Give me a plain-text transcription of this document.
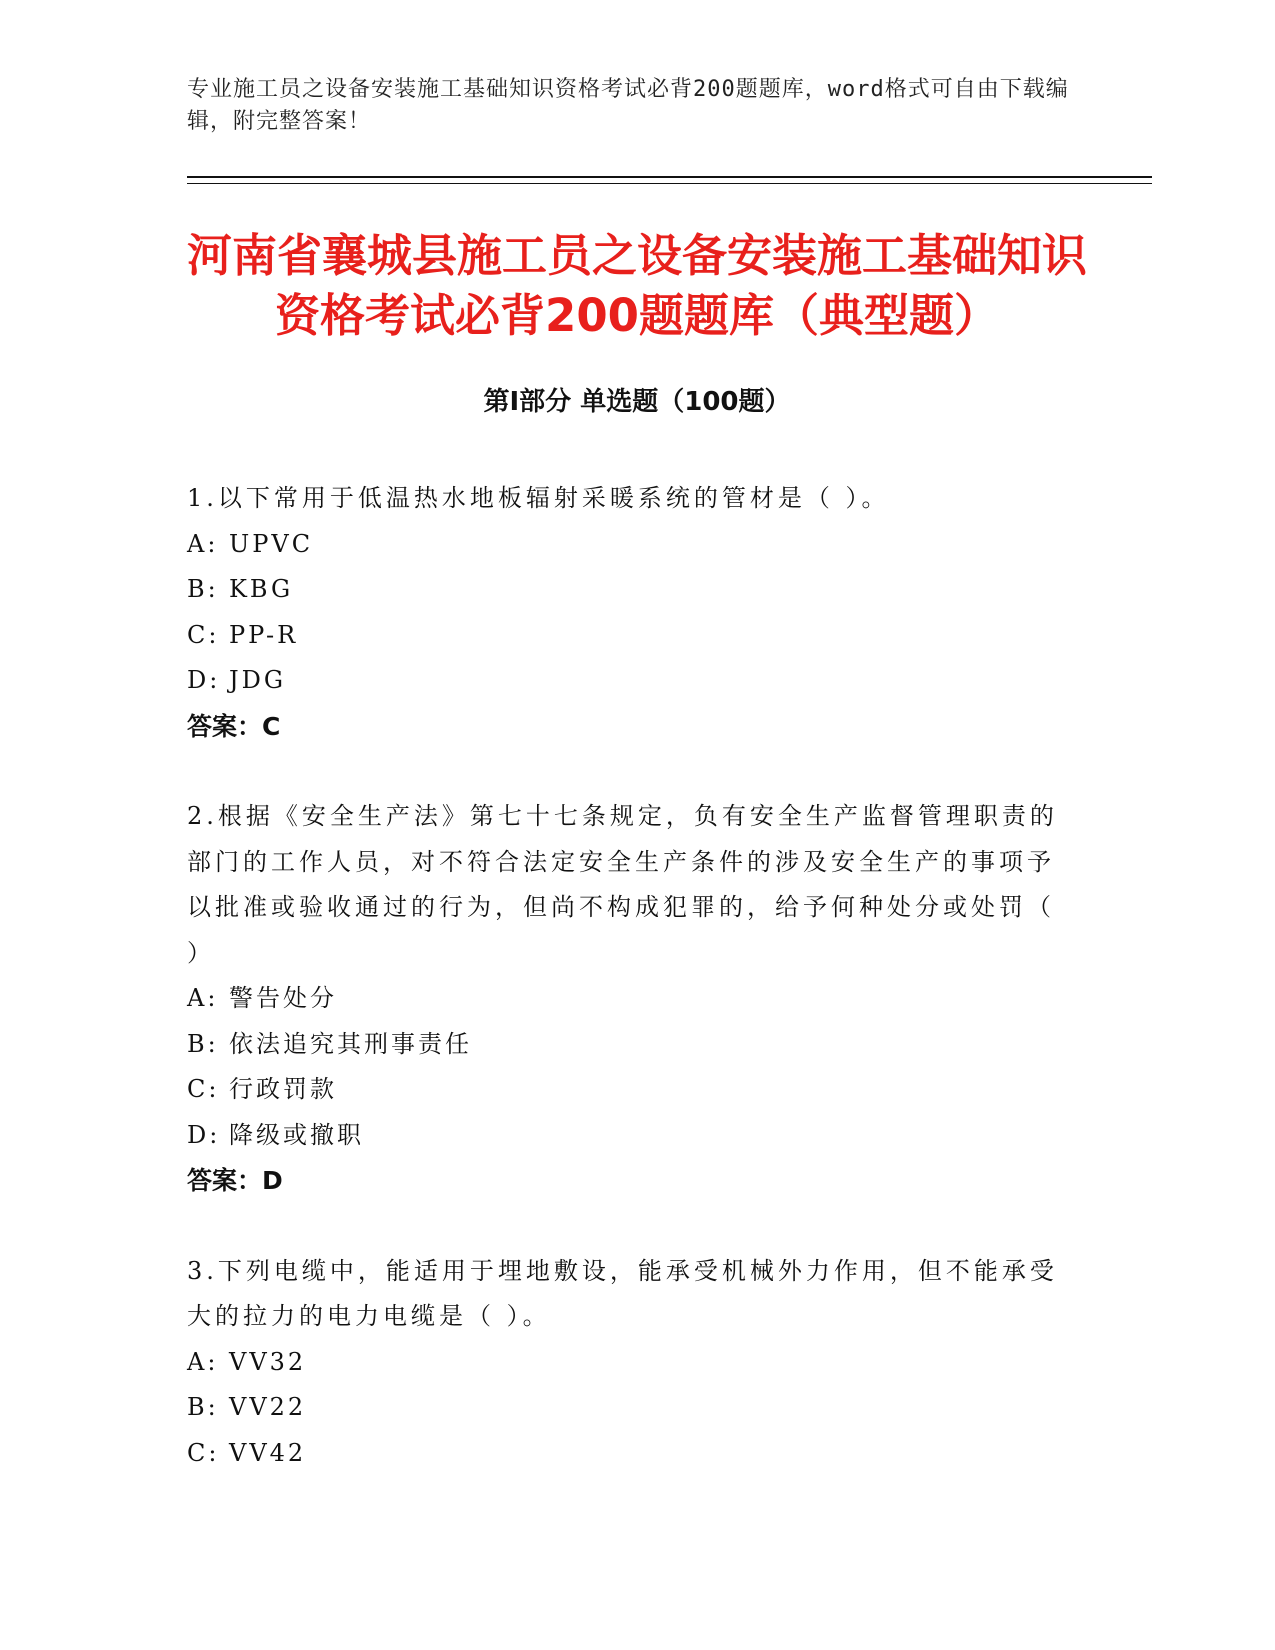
专业施工员之设备安装施工基础知识资格考试必背200题题库，word格式可自由下载编辑，附完整答案！
河南省襄城县施工员之设备安装施工基础知识资格考试必背200题题库（典型题）
第Ⅰ部分 单选题（100题）

1.以下常用于低温热水地板辐射采暖系统的管材是（ ）。

A: UPVC

B: KBG

C: PP-R

D: JDG

答案：C

2.根据《安全生产法》第七十七条规定，负有安全生产监督管理职责的部门的工作人员，对不符合法定安全生产条件的涉及安全生产的事项予以批准或验收通过的行为，但尚不构成犯罪的，给予何种处分或处罚（ ）

A: 警告处分

B: 依法追究其刑事责任

C: 行政罚款

D: 降级或撤职

答案：D

3.下列电缆中，能适用于埋地敷设，能承受机械外力作用，但不能承受大的拉力的电力电缆是（ ）。

A: VV32

B: VV22

C: VV42
